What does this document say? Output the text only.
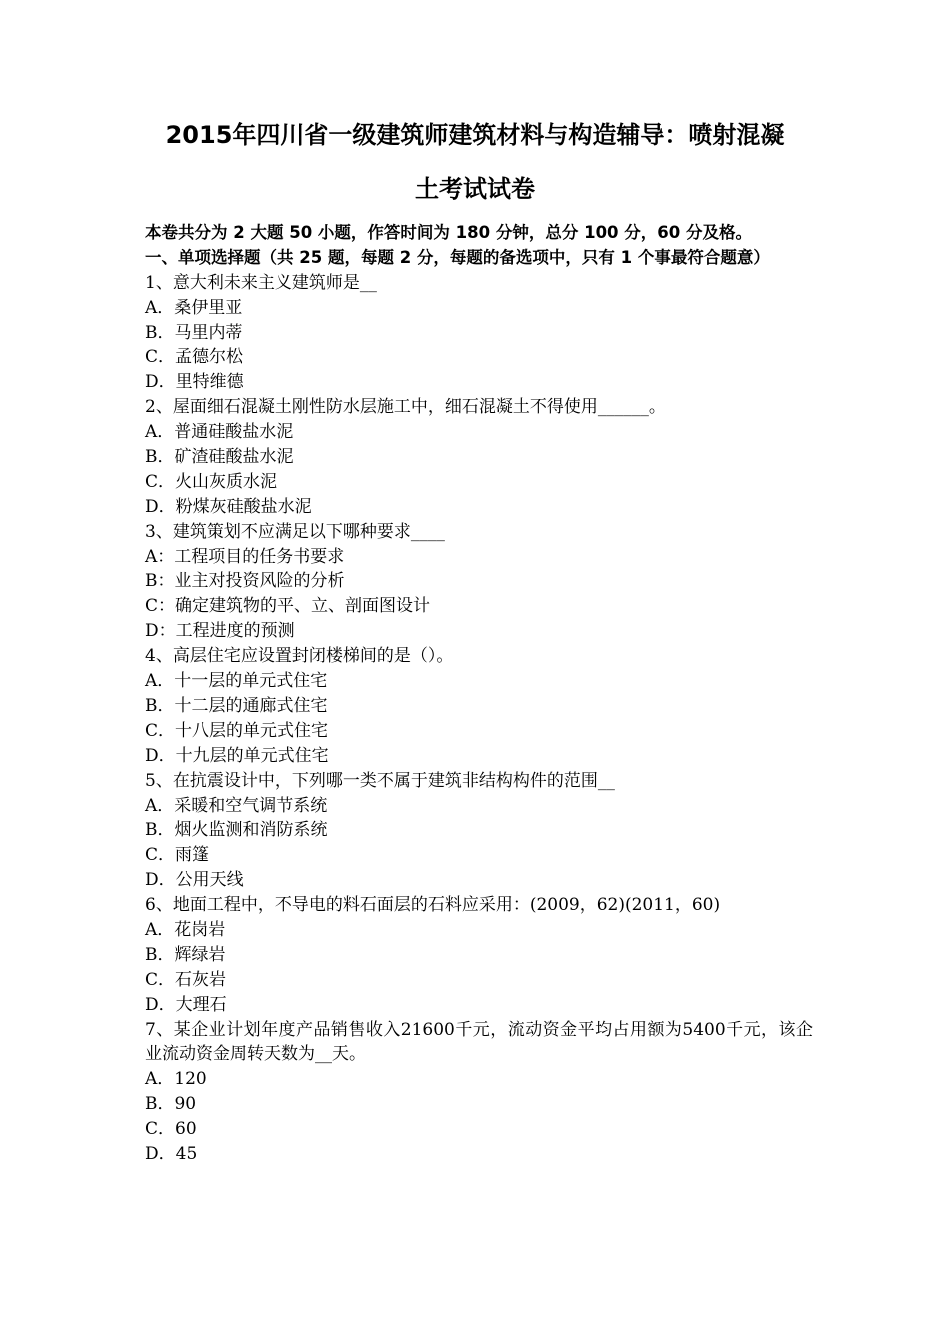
2015年四川省一级建筑师建筑材料与构造辅导：喷射混凝
土考试试卷
本卷共分为 2 大题 50 小题，作答时间为 180 分钟，总分 100 分，60 分及格。
一、单项选择题（共 25 题，每题 2 分，每题的备选项中，只有 1 个事最符合题意）
1、意大利未来主义建筑师是__
A．桑伊里亚
B．马里内蒂
C．孟德尔松
D．里特维德
2、屋面细石混凝土刚性防水层施工中，细石混凝土不得使用______。
A．普通硅酸盐水泥
B．矿渣硅酸盐水泥
C．火山灰质水泥
D．粉煤灰硅酸盐水泥
3、建筑策划不应满足以下哪种要求____
A：工程项目的任务书要求
B：业主对投资风险的分析
C：确定建筑物的平、立、剖面图设计
D：工程进度的预测
4、高层住宅应设置封闭楼梯间的是（）。
A．十一层的单元式住宅
B．十二层的通廊式住宅
C．十八层的单元式住宅
D．十九层的单元式住宅
5、在抗震设计中，下列哪一类不属于建筑非结构构件的范围__
A．采暖和空气调节系统
B．烟火监测和消防系统
C．雨篷
D．公用天线
6、地面工程中，不导电的料石面层的石料应采用：(2009，62)(2011，60)
A．花岗岩
B．辉绿岩
C．石灰岩
D．大理石
7、某企业计划年度产品销售收入21600千元，流动资金平均占用额为5400千元，该企业流动资金周转天数为__天。
A．120
B．90
C．60
D．45
